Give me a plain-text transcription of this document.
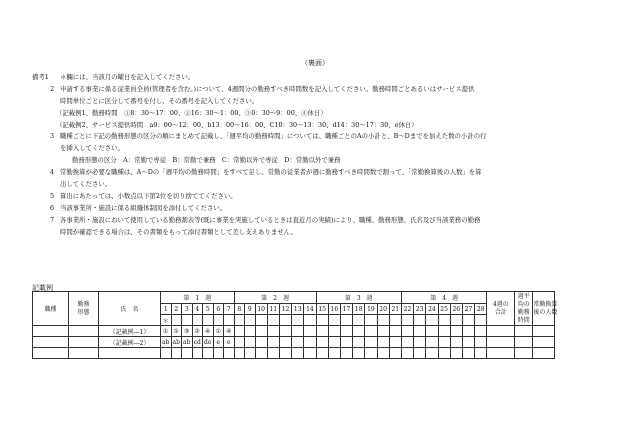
（裏面）
備考1 ＊欄には、当該月の曜日を記入してください。
2 申請する事業に係る従業員全員(管理者を含む。)について、4週間分の勤務すべき時間数を記入してください。勤務時間ごとあるいはサービス提供
時間単位ごとに区分して番号を付し、その番号を記入してください。
（記載例1、勤務時間　①8：30～17：00、②16：30～1：00、③0：30～9：00、④休日）
（記載例2、サービス提供時間　a9：00～12：00、b13：00～16：00、C10：30～13：30、d14：30～17：30、e休日）
3 職種ごとに下記の勤務形態の区分の順にまとめて記載し、「週平均の勤務時間」については、職種ごとのAの小計と、B～Dまでを加えた数の小計の行
を挿入してください。
勤務形態の区分　A：常勤で専従　B：常勤で兼務　C：常勤以外で専従　D：常勤以外で兼務
4 常勤換算が必要な職種は、A～Dの「週平均の勤務時間」をすべて足し、常勤の従業者が週に勤務すべき時間数で割って、「常勤換算後の人数」を算
出してください。
5 算出にあたっては、小数点以下第2位を切り捨ててください。
6 当該事業所・施設に係る組織体制図を添付してください。
7 各事業所・施設において使用している勤務割表等(既に事業を実施しているときは直近月の実績)により、職種、勤務形態、氏名及び当該業務の勤務
時間が確認できる場合は、その書類をもって添付書類として差し支えありません。
記載例
職種	勤務形態	氏　名	第　1　週							第　2　週							第　3　週							第　4　週							4週の合計	週平均の勤務時間	常勤換算後の人数
			1	2	3	4	5	6	7	8	9	10	11	12	13	14	15	16	17	18	19	20	21	22	23	24	25	26	27	28			
			＊																														
		（記載例―1）	①	①	③	②	④	①	④																								
		（記載例―2）	ab	ab	ab	cd	de	e	e																								
